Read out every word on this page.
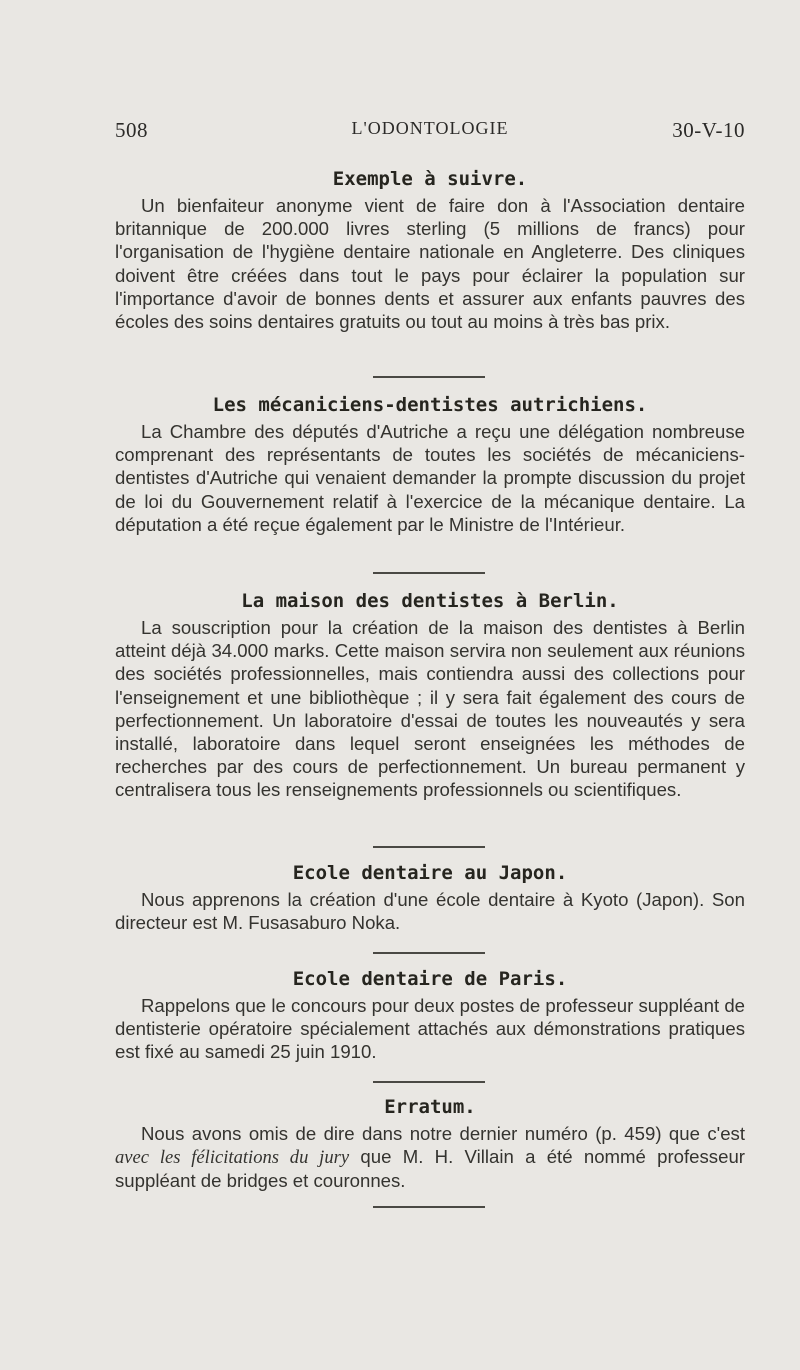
508	L'ODONTOLOGIE	30-V-10
Exemple à suivre.

Un bienfaiteur anonyme vient de faire don à l'Association dentaire britannique de 200.000 livres sterling (5 millions de francs) pour l'organisation de l'hygiène dentaire nationale en Angleterre. Des cliniques doivent être créées dans tout le pays pour éclairer la population sur l'importance d'avoir de bonnes dents et assurer aux enfants pauvres des écoles des soins dentaires gratuits ou tout au moins à très bas prix.

Les mécaniciens-dentistes autrichiens.

La Chambre des députés d'Autriche a reçu une délégation nombreuse comprenant des représentants de toutes les sociétés de mécaniciens-dentistes d'Autriche qui venaient demander la prompte discussion du projet de loi du Gouvernement relatif à l'exercice de la mécanique dentaire. La députation a été reçue également par le Ministre de l'Intérieur.

La maison des dentistes à Berlin.

La souscription pour la création de la maison des dentistes à Berlin atteint déjà 34.000 marks. Cette maison servira non seulement aux réunions des sociétés professionnelles, mais contiendra aussi des collections pour l'enseignement et une bibliothèque ; il y sera fait également des cours de perfectionnement. Un laboratoire d'essai de toutes les nouveautés y sera installé, laboratoire dans lequel seront enseignées les méthodes de recherches par des cours de perfectionnement. Un bureau permanent y centralisera tous les renseignements professionnels ou scientifiques.

Ecole dentaire au Japon.

Nous apprenons la création d'une école dentaire à Kyoto (Japon). Son directeur est M. Fusasaburo Noka.

Ecole dentaire de Paris.

Rappelons que le concours pour deux postes de professeur suppléant de dentisterie opératoire spécialement attachés aux démonstrations pratiques est fixé au samedi 25 juin 1910.

Erratum.

Nous avons omis de dire dans notre dernier numéro (p. 459) que c'est avec les félicitations du jury que M. H. Villain a été nommé professeur suppléant de bridges et couronnes.
